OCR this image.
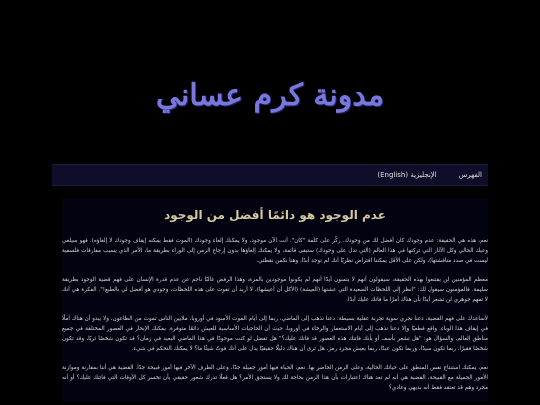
مدونة كرم عساني
الفهرس
الإنجليزية (English)
عدم الوجود هو دائمًا أفضل من الوجود

نعم، هذه هي الحقيقة: عدم وجودك كان أفضل لك من وجودك. ركّز على كلمة "كان". أنت الآن موجود، ولا يمكنك إلغاء وجودك (الموت فقط يمكنه إيقاف وجودك لا إلغاؤه). فهو سيلغي وعيك الحالي وكل الآثار التي تركتها في هذا العالم (التي تدل على وجودك) ستبقى قائمة، ولا يمكنك إلغاؤها بدون إرجاع الزمن إلى الوراء بطريقة ما، الأمر الذي يسبب مفارقات فلسفية ليست في صدد مناقشتها)، ولكن على الأقل يمكننا افتراض نظريًا أنك لم توجد أبدًا، وهنا نكمن نقطتي.

معظم المؤمنين لن يقتنعوا بهذه الحقيقة، سيقولون أنهم لا يتمنون أبدًا أنهم لم يكونوا موجودين بالمرة، وهذا الرفض غالبًا ناجم عن عدم قدرة الإنسان على فهم قضية الوجود بطريقة سليمة. فالمؤمنون سيقول لك: "انظر إلى اللحظات السعيدة التي عشتها (العيشة) (الأكل أن أعيشها)، لا أريد أن تفوت على هذه اللحظات، وجودي هو أفضل لي بالطبع!". الفكرة هي أنك لا تفهم جوهري لن تشعر أبدًا بأن هناك أمرًا ما فاتك عليك أبدًا.

لأساعدك على فهم القضية، دعنا نجري سوية تجربة عقلية بسيطة: دعنا نذهب إلى الماضي، ربما إلى أيام الموت الأسود في أوروبا، ملايين الناس تموت من الطاعون، ولا يبدو أن هناك أملًا في إيقاف هذا الوباء. واقع قطعيًا وإلا دعنا نذهب إلى أيام الاستعمار والرخاء في أوروبا، حيث أن الحاجيات الأساسية للعيش دائمًا متوفرة. يمكنك الإبحار في العصور المختلفة في جميع مناطق العالم، والسؤال هو: "هل تشعر بأسف أو بأنك فاتتك هذه العصور قد فاتك عليك؟" هل تفضل لو كنت موجودًا في هذا الماضي البعيد في زمان؟ قد تكون شخصًا ثريًا، وقد تكون شخصًا فقيرًا، ربما تكون سيدًا، وربما تكون عبدًا، ربما يعيش مجرد رمز. هل ترى أن هناك دليلًا حقيقيًا يدل على أنك فوتّ شيئًا ما؟ لا يمكنك التحكم في شيء.

نعم، يمكنك استنتاج نفس المنطق على حياتك الحالية، وعلى الزمن الحاضر بها. نعم، الحياة فيها أمور جميلة جدًا، وعلى الطرف الآخر فيها أمور قبيحة جدًا. القضية هي أننا بمقارنة وموازنة الأمور الجميلة مع القبيحة، القضية هي أنه لم تعد هناك اعتبارات بأن هذا الزمن بحاجة لك ولا يستحق الأمر؟ هل فعلًا تدرك شعور حقيقي بأن تخسر كل الأوقات التي فاتتك عليك؟ أو أنه مجرد وهم قد تعتقد فقط أنه بديهي وعادي؟
